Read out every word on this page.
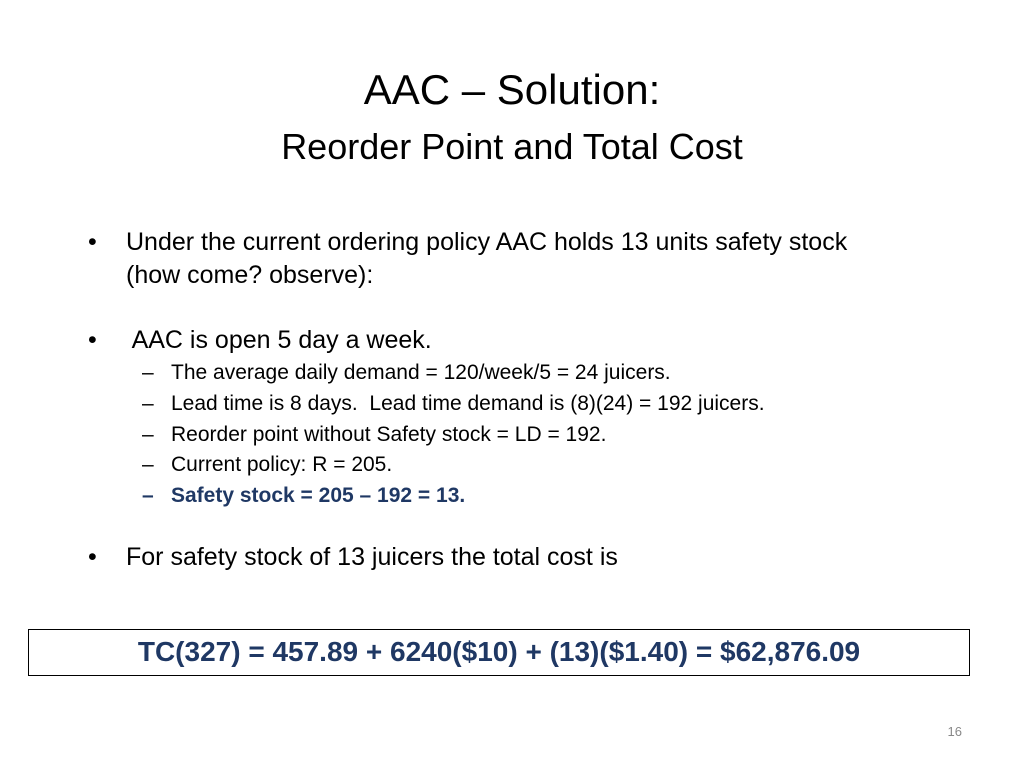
AAC – Solution:
Reorder Point and Total Cost
• Under the current ordering policy AAC holds 13 units safety stock (how come? observe):
• AAC is open 5 day a week.
– The average daily demand = 120/week/5 = 24 juicers.
– Lead time is 8 days.  Lead time demand is (8)(24) = 192 juicers.
– Reorder point without Safety stock = LD = 192.
– Current policy: R = 205.
– Safety stock = 205 – 192 = 13.
• For safety stock of 13 juicers the total cost is
TC(327) = 457.89 + 6240($10) + (13)($1.40) = $62,876.09
16
